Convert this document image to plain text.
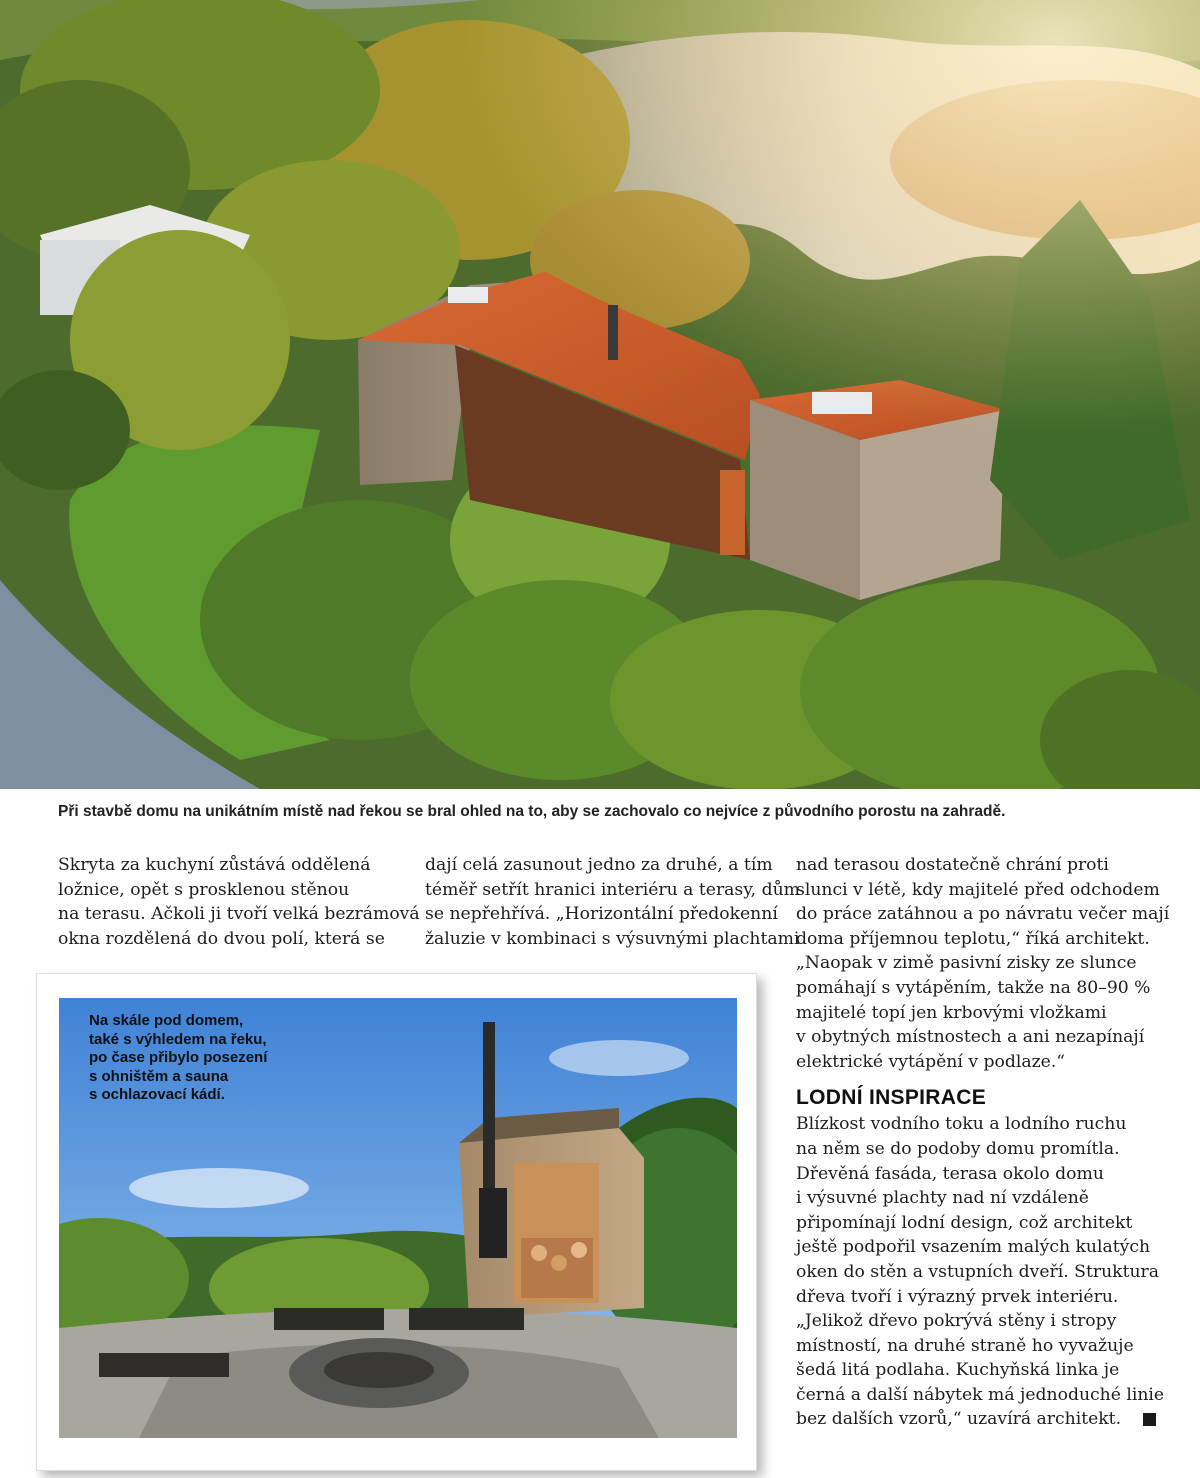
Při stavbě domu na unikátním místě nad řekou se bral ohled na to, aby se zachovalo co nejvíce z původního porostu na zahradě.
Skryta za kuchyní zůstává oddělená
ložnice, opět s prosklenou stěnou
na terasu. Ačkoli ji tvoří velká bezrámová
okna rozdělená do dvou polí, která se
dají celá zasunout jedno za druhé, a tím
téměř setřít hranici interiéru a terasy, dům
se nepřehřívá. „Horizontální předokenní
žaluzie v kombinaci s výsuvnými plachtami
nad terasou dostatečně chrání proti
slunci v létě, kdy majitelé před odchodem
do práce zatáhnou a po návratu večer mají
doma příjemnou teplotu,“ říká architekt.
„Naopak v zimě pasivní zisky ze slunce
pomáhají s vytápěním, takže na 80–90 %
majitelé topí jen krbovými vložkami
v obytných místnostech a ani nezapínají
elektrické vytápění v podlaze.“
LODNÍ INSPIRACE
Blízkost vodního toku a lodního ruchu
na něm se do podoby domu promítla.
Dřevěná fasáda, terasa okolo domu
i výsuvné plachty nad ní vzdáleně
připomínají lodní design, což architekt
ještě podpořil vsazením malých kulatých
oken do stěn a vstupních dveří. Struktura
dřeva tvoří i výrazný prvek interiéru.
„Jelikož dřevo pokrývá stěny i stropy
místností, na druhé straně ho vyvažuje
šedá litá podlaha. Kuchyňská linka je
černá a další nábytek má jednoduché linie
bez dalších vzorů,“ uzavírá architekt.
Na skále pod domem,
také s výhledem na řeku,
po čase přibylo posezení
s ohništěm a sauna
s ochlazovací kádí.
